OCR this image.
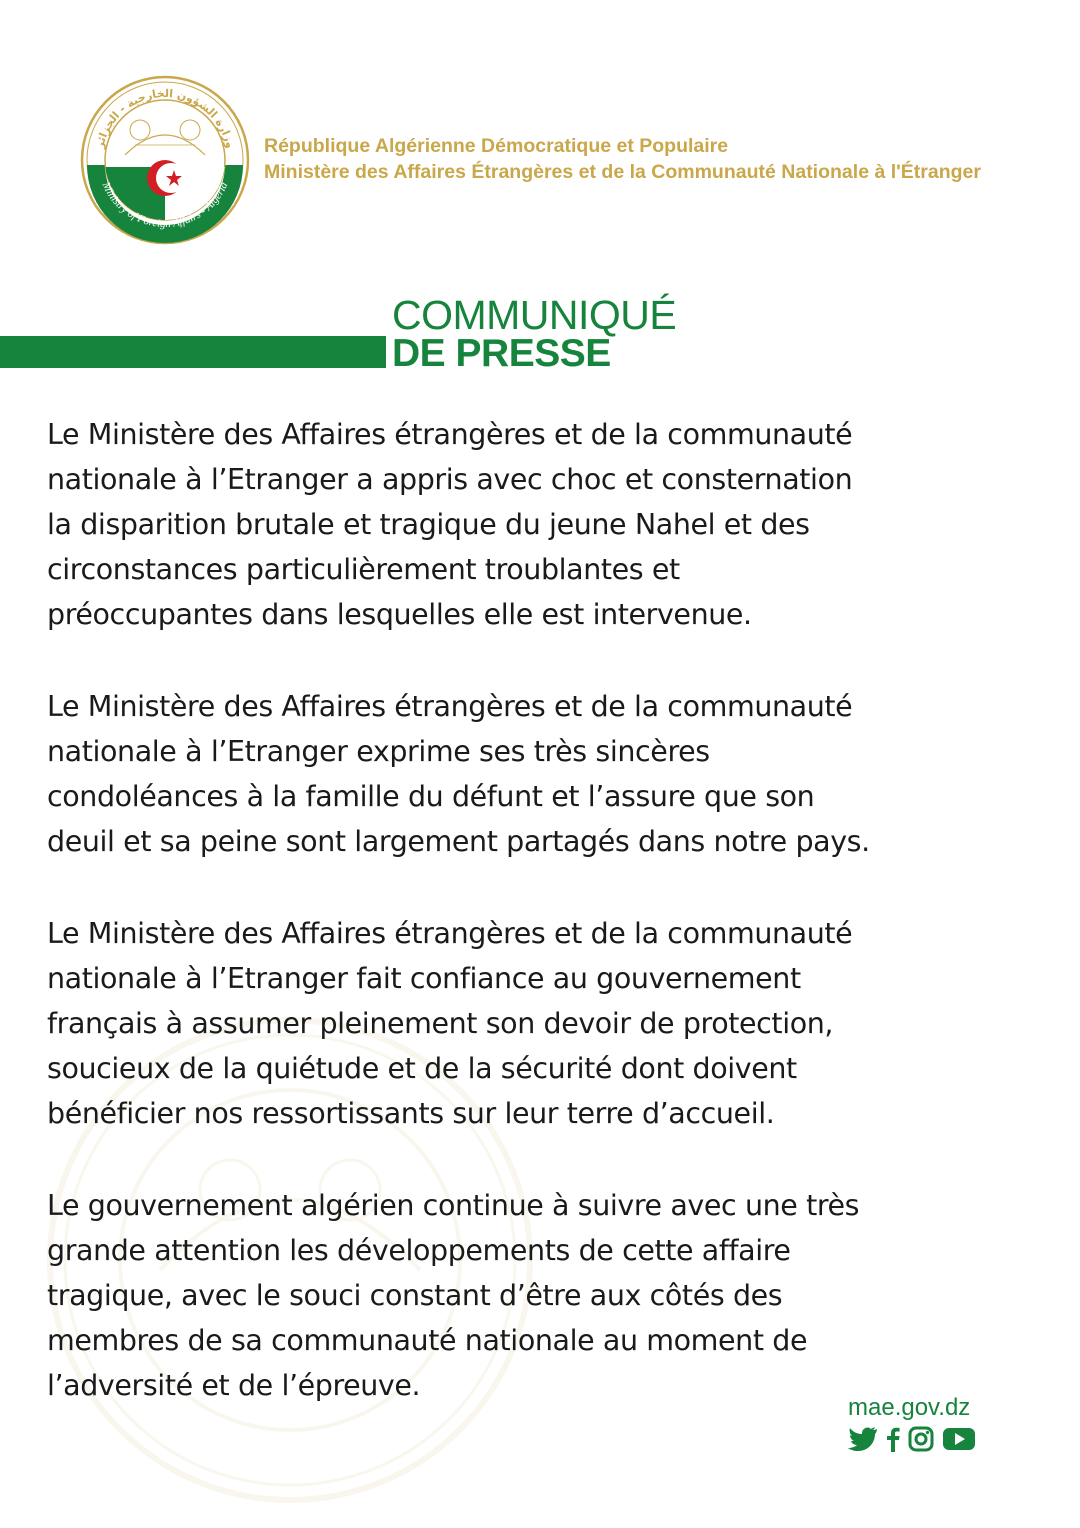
وزارة الشؤون الخارجية - الجزائر
Ministry of Foreign Affairs - Algeria
République Algérienne Démocratique et Populaire
Ministère des Affaires Étrangères et de la Communauté Nationale à l'Étranger
COMMUNIQUÉ
DE PRESSE

Le Ministère des Affaires étrangères et de la communauté
nationale à l’Etranger a appris avec choc et consternation
la disparition brutale et tragique du jeune Nahel et des
circonstances particulièrement troublantes et
préoccupantes dans lesquelles elle est intervenue.

Le Ministère des Affaires étrangères et de la communauté
nationale à l’Etranger exprime ses très sincères
condoléances à la famille du défunt et l’assure que son
deuil et sa peine sont largement partagés dans notre pays.

Le Ministère des Affaires étrangères et de la communauté
nationale à l’Etranger fait confiance au gouvernement
français à assumer pleinement son devoir de protection,
soucieux de la quiétude et de la sécurité dont doivent
bénéficier nos ressortissants sur leur terre d’accueil.

Le gouvernement algérien continue à suivre avec une très
grande attention les développements de cette affaire
tragique, avec le souci constant d’être aux côtés des
membres de sa communauté nationale au moment de
l’adversité et de l’épreuve.

mae.gov.dz
